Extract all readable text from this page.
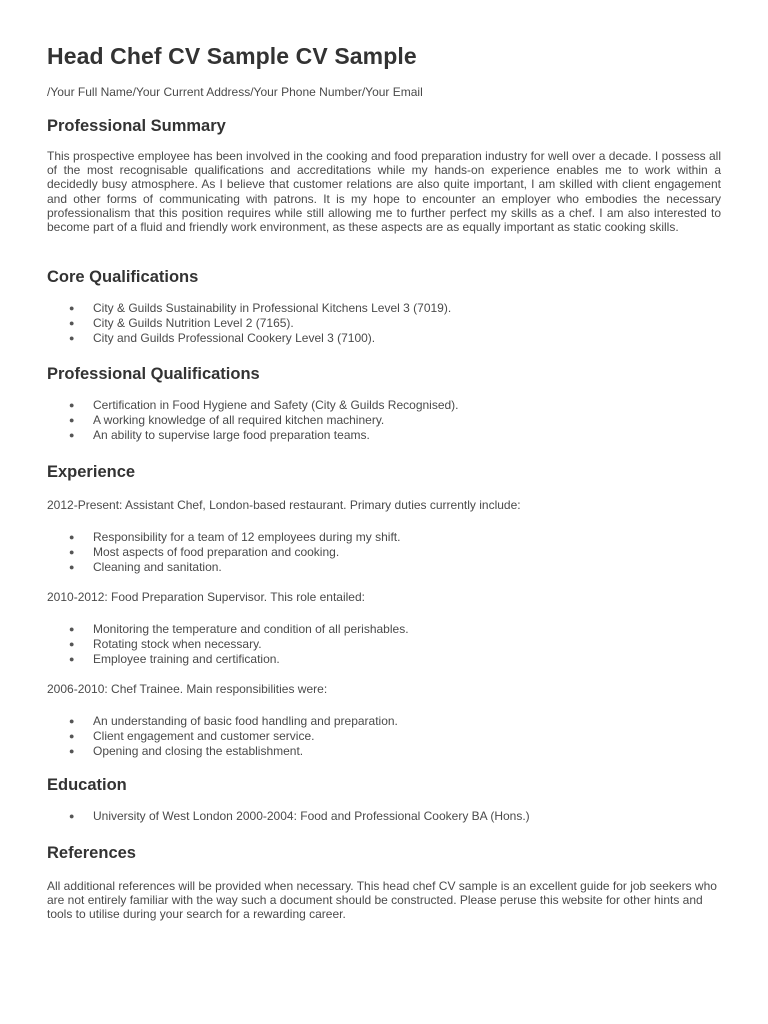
Head Chef CV Sample CV Sample
/Your Full Name/Your Current Address/Your Phone Number/Your Email
Professional Summary
This prospective employee has been involved in the cooking and food preparation industry for well over a decade. I possess all of the most recognisable qualifications and accreditations while my hands-on experience enables me to work within a decidedly busy atmosphere. As I believe that customer relations are also quite important, I am skilled with client engagement and other forms of communicating with patrons. It is my hope to encounter an employer who embodies the necessary professionalism that this position requires while still allowing me to further perfect my skills as a chef. I am also interested to become part of a fluid and friendly work environment, as these aspects are as equally important as static cooking skills.
Core Qualifications
● City & Guilds Sustainability in Professional Kitchens Level 3 (7019).
● City & Guilds Nutrition Level 2 (7165).
● City and Guilds Professional Cookery Level 3 (7100).
Professional Qualifications
● Certification in Food Hygiene and Safety (City & Guilds Recognised).
● A working knowledge of all required kitchen machinery.
● An ability to supervise large food preparation teams.
Experience
2012-Present: Assistant Chef, London-based restaurant. Primary duties currently include:
● Responsibility for a team of 12 employees during my shift.
● Most aspects of food preparation and cooking.
● Cleaning and sanitation.
2010-2012: Food Preparation Supervisor. This role entailed:
● Monitoring the temperature and condition of all perishables.
● Rotating stock when necessary.
● Employee training and certification.
2006-2010: Chef Trainee. Main responsibilities were:
● An understanding of basic food handling and preparation.
● Client engagement and customer service.
● Opening and closing the establishment.
Education
● University of West London 2000-2004: Food and Professional Cookery BA (Hons.)
References
All additional references will be provided when necessary. This head chef CV sample is an excellent guide for job seekers who are not entirely familiar with the way such a document should be constructed. Please peruse this website for other hints and tools to utilise during your search for a rewarding career.
